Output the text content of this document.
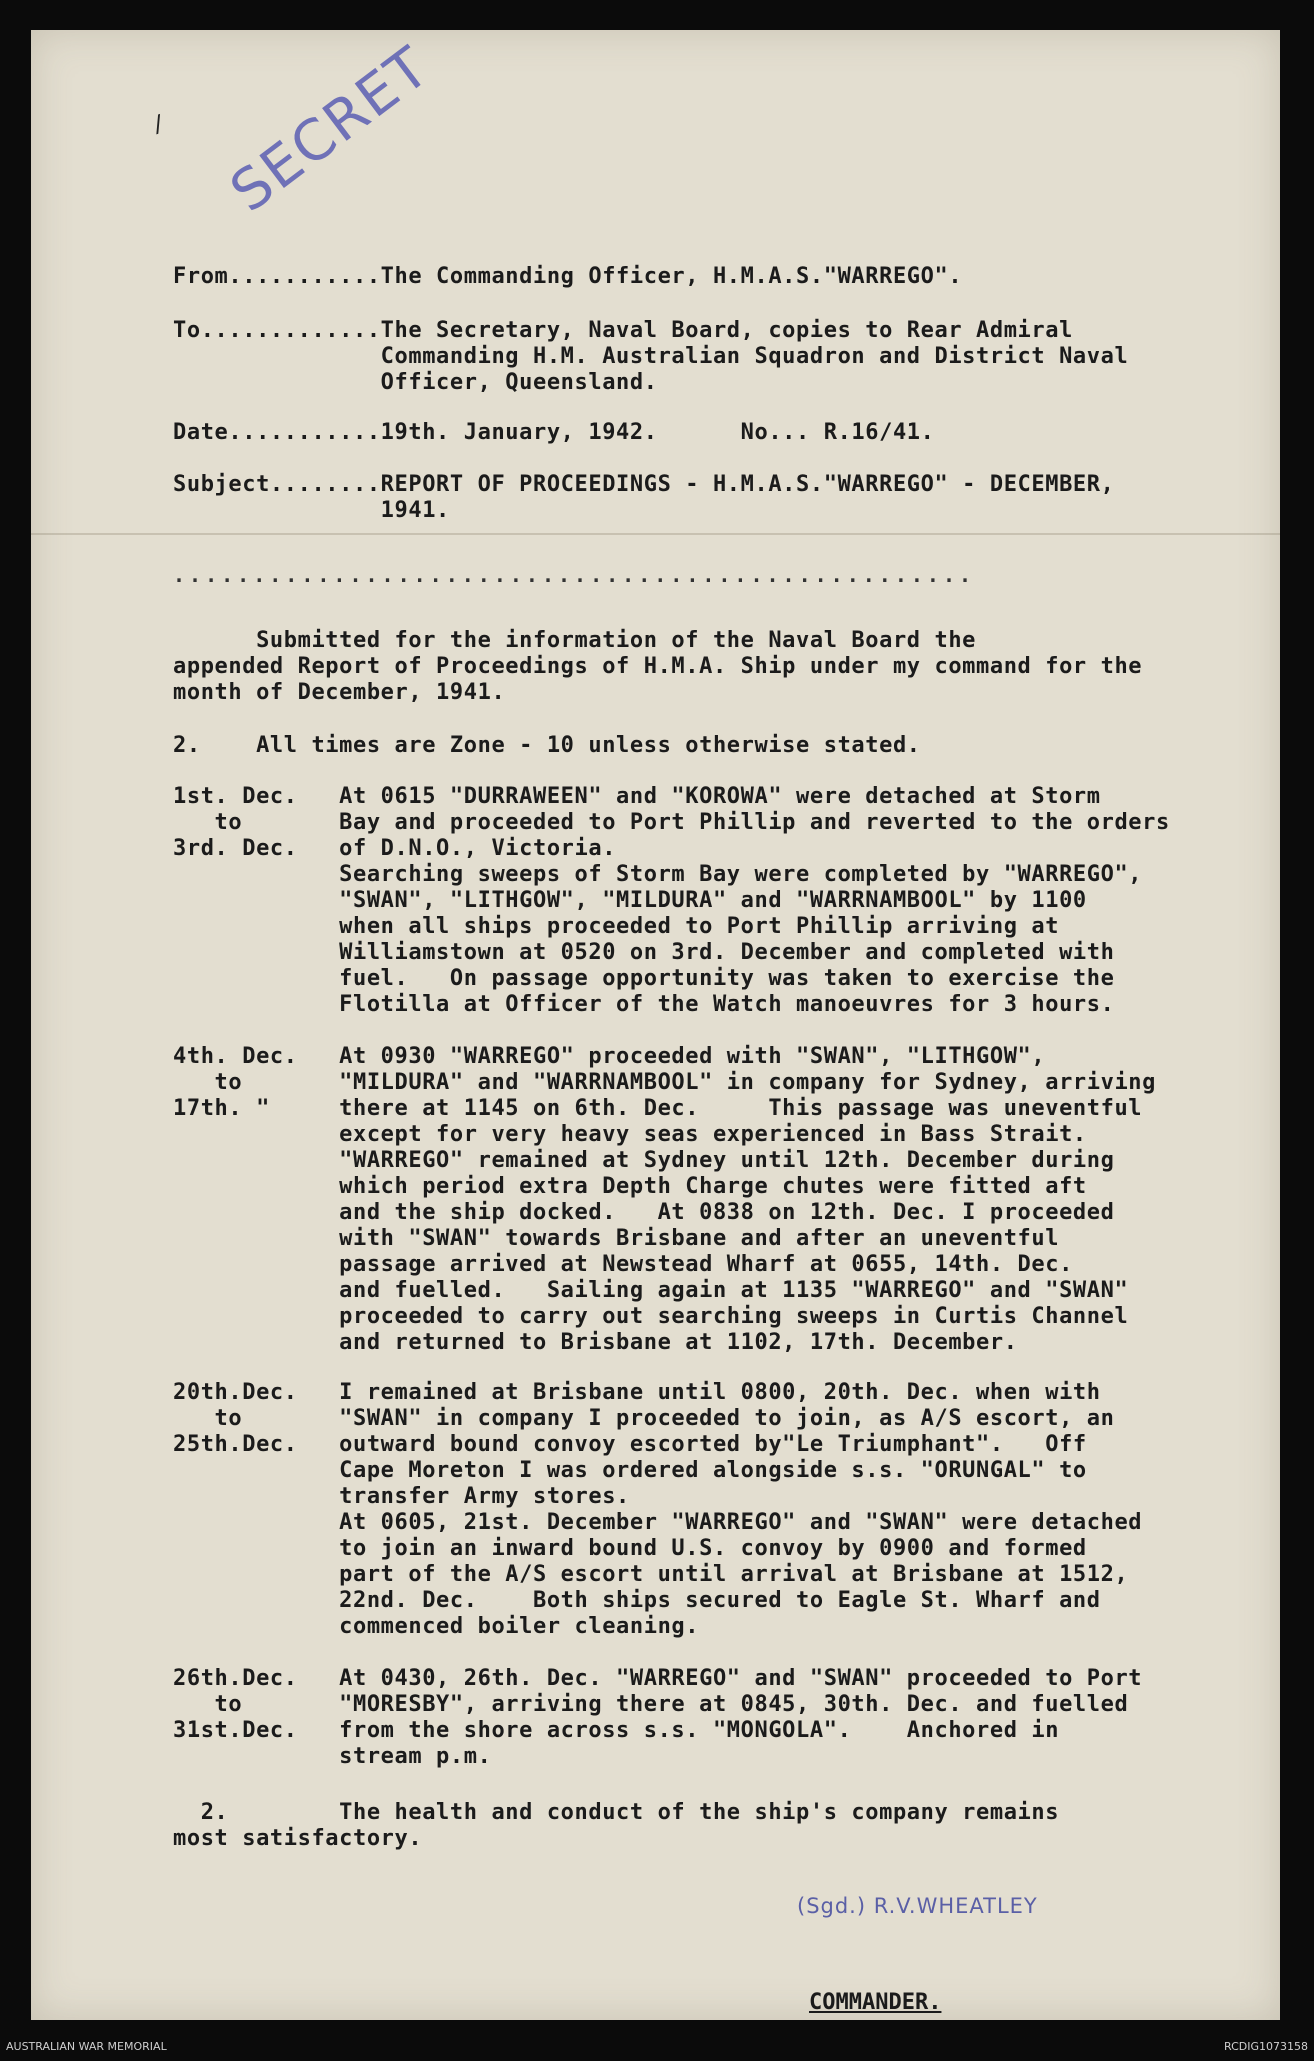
/ SECRET
From...........The Commanding Officer, H.M.A.S."WARREGO".
To.............The Secretary, Naval Board, copies to Rear Admiral
Commanding H.M. Australian Squadron and District Naval
Officer, Queensland.
Date...........19th. January, 1942.      No... R.16/41.
Subject........REPORT OF PROCEEDINGS - H.M.A.S."WARREGO" - DECEMBER,
1941.
Submitted for the information of the Naval Board the
appended Report of Proceedings of H.M.A. Ship under my command for the
month of December, 1941.
2.    All times are Zone - 10 unless otherwise stated.
1st. Dec.   At 0615 "DURRAWEEN" and "KOROWA" were detached at Storm
to       Bay and proceeded to Port Phillip and reverted to the orders
3rd. Dec.   of D.N.O., Victoria.
Searching sweeps of Storm Bay were completed by "WARREGO",
"SWAN", "LITHGOW", "MILDURA" and "WARRNAMBOOL" by 1100
when all ships proceeded to Port Phillip arriving at
Williamstown at 0520 on 3rd. December and completed with
fuel.   On passage opportunity was taken to exercise the
Flotilla at Officer of the Watch manoeuvres for 3 hours.
4th. Dec.   At 0930 "WARREGO" proceeded with "SWAN", "LITHGOW",
to       "MILDURA" and "WARRNAMBOOL" in company for Sydney, arriving
17th. "     there at 1145 on 6th. Dec.     This passage was uneventful
except for very heavy seas experienced in Bass Strait.
"WARREGO" remained at Sydney until 12th. December during
which period extra Depth Charge chutes were fitted aft
and the ship docked.   At 0838 on 12th. Dec. I proceeded
with "SWAN" towards Brisbane and after an uneventful
passage arrived at Newstead Wharf at 0655, 14th. Dec.
and fuelled.   Sailing again at 1135 "WARREGO" and "SWAN"
proceeded to carry out searching sweeps in Curtis Channel
and returned to Brisbane at 1102, 17th. December.
20th.Dec.   I remained at Brisbane until 0800, 20th. Dec. when with
to       "SWAN" in company I proceeded to join, as A/S escort, an
25th.Dec.   outward bound convoy escorted by"Le Triumphant".   Off
Cape Moreton I was ordered alongside s.s. "ORUNGAL" to
transfer Army stores.
At 0605, 21st. December "WARREGO" and "SWAN" were detached
to join an inward bound U.S. convoy by 0900 and formed
part of the A/S escort until arrival at Brisbane at 1512,
22nd. Dec.    Both ships secured to Eagle St. Wharf and
commenced boiler cleaning.
26th.Dec.   At 0430, 26th. Dec. "WARREGO" and "SWAN" proceeded to Port
to       "MORESBY", arriving there at 0845, 30th. Dec. and fuelled
31st.Dec.   from the shore across s.s. "MONGOLA".    Anchored in
stream p.m.
2.        The health and conduct of the ship's company remains
most satisfactory.
..................................................
(Sgd.) R.V.WHEATLEY
COMMANDER.
AUSTRALIAN WAR MEMORIAL	RCDIG1073158
